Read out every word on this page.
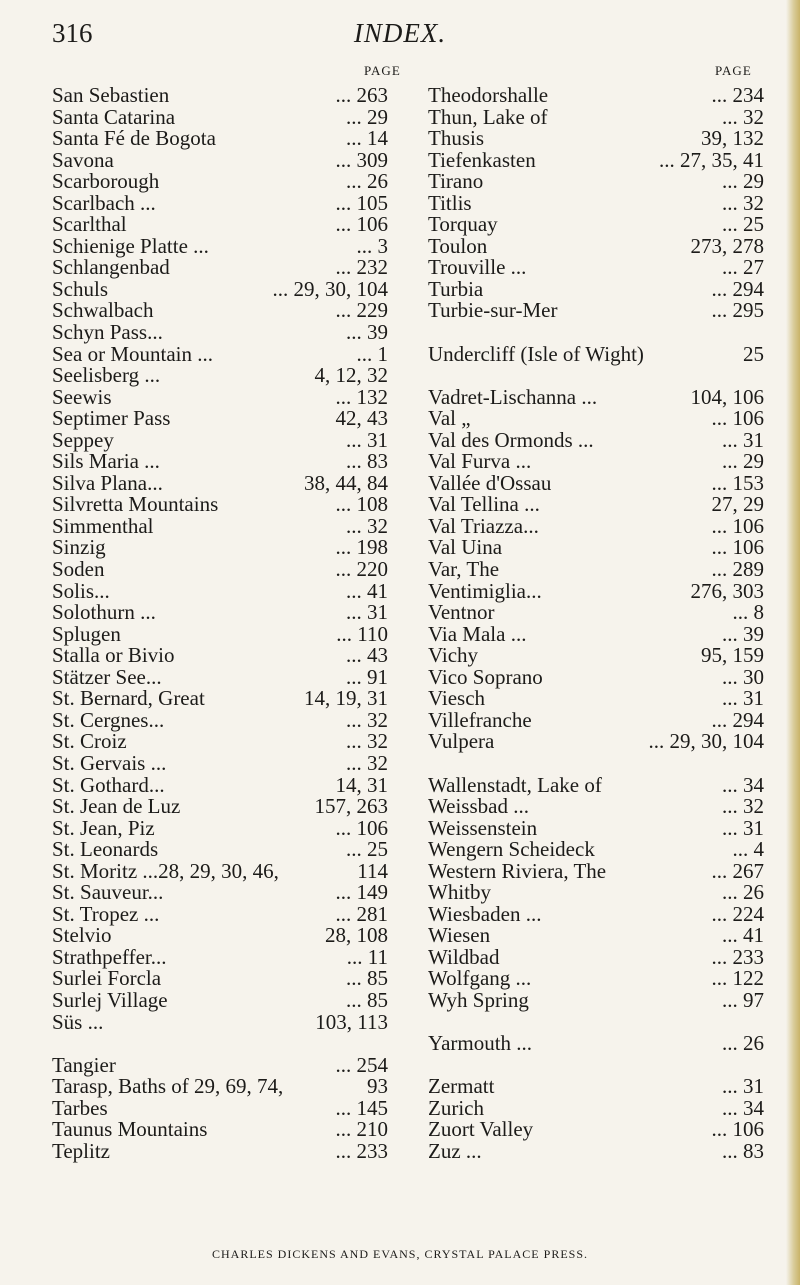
316	INDEX.
PAGE	PAGE
San Sebastien	... 263
Santa Catarina	... 29
Santa Fé de Bogota	... 14
Savona	... 309
Scarborough	... 26
Scarlbach ...	... 105
Scarlthal	... 106
Schienige Platte ...	... 3
Schlangenbad	... 232
Schuls	... 29, 30, 104
Schwalbach	... 229
Schyn Pass...	... 39
Sea or Mountain ...	... 1
Seelisberg ...	4, 12, 32
Seewis	... 132
Septimer Pass	42, 43
Seppey	... 31
Sils Maria ...	... 83
Silva Plana...	38, 44, 84
Silvretta Mountains	... 108
Simmenthal	... 32
Sinzig	... 198
Soden	... 220
Solis...	... 41
Solothurn ...	... 31
Splugen	... 110
Stalla or Bivio	... 43
Stätzer See...	... 91
St. Bernard, Great	14, 19, 31
St. Cergnes...	... 32
St. Croiz	... 32
St. Gervais ...	... 32
St. Gothard...	14, 31
St. Jean de Luz	157, 263
St. Jean, Piz	... 106
St. Leonards	... 25
St. Moritz ...28, 29, 30, 46,	114
St. Sauveur...	... 149
St. Tropez ...	... 281
Stelvio	28, 108
Strathpeffer...	... 11
Surlei Forcla	... 85
Surlej Village	... 85
Süs ...	103, 113
Tangier	... 254
Tarasp, Baths of 29, 69, 74,	93
Tarbes	... 145
Taunus Mountains	... 210
Teplitz	... 233
Theodorshalle	... 234
Thun, Lake of	... 32
Thusis	39, 132
Tiefenkasten	... 27, 35, 41
Tirano	... 29
Titlis	... 32
Torquay	... 25
Toulon	273, 278
Trouville ...	... 27
Turbia	... 294
Turbie-sur-Mer	... 295
Undercliff (Isle of Wight)	25
Vadret-Lischanna ...	104, 106
Val „	... 106
Val des Ormonds ...	... 31
Val Furva ...	... 29
Vallée d'Ossau	... 153
Val Tellina ...	27, 29
Val Triazza...	... 106
Val Uina	... 106
Var, The	... 289
Ventimiglia...	276, 303
Ventnor	... 8
Via Mala ...	... 39
Vichy	95, 159
Vico Soprano	... 30
Viesch	... 31
Villefranche	... 294
Vulpera	... 29, 30, 104
Wallenstadt, Lake of	... 34
Weissbad ...	... 32
Weissenstein	... 31
Wengern Scheideck	... 4
Western Riviera, The	... 267
Whitby	... 26
Wiesbaden ...	... 224
Wiesen	... 41
Wildbad	... 233
Wolfgang ...	... 122
Wyh Spring	... 97
Yarmouth ...	... 26
Zermatt	... 31
Zurich	... 34
Zuort Valley	... 106
Zuz ...	... 83
CHARLES DICKENS AND EVANS, CRYSTAL PALACE PRESS.
